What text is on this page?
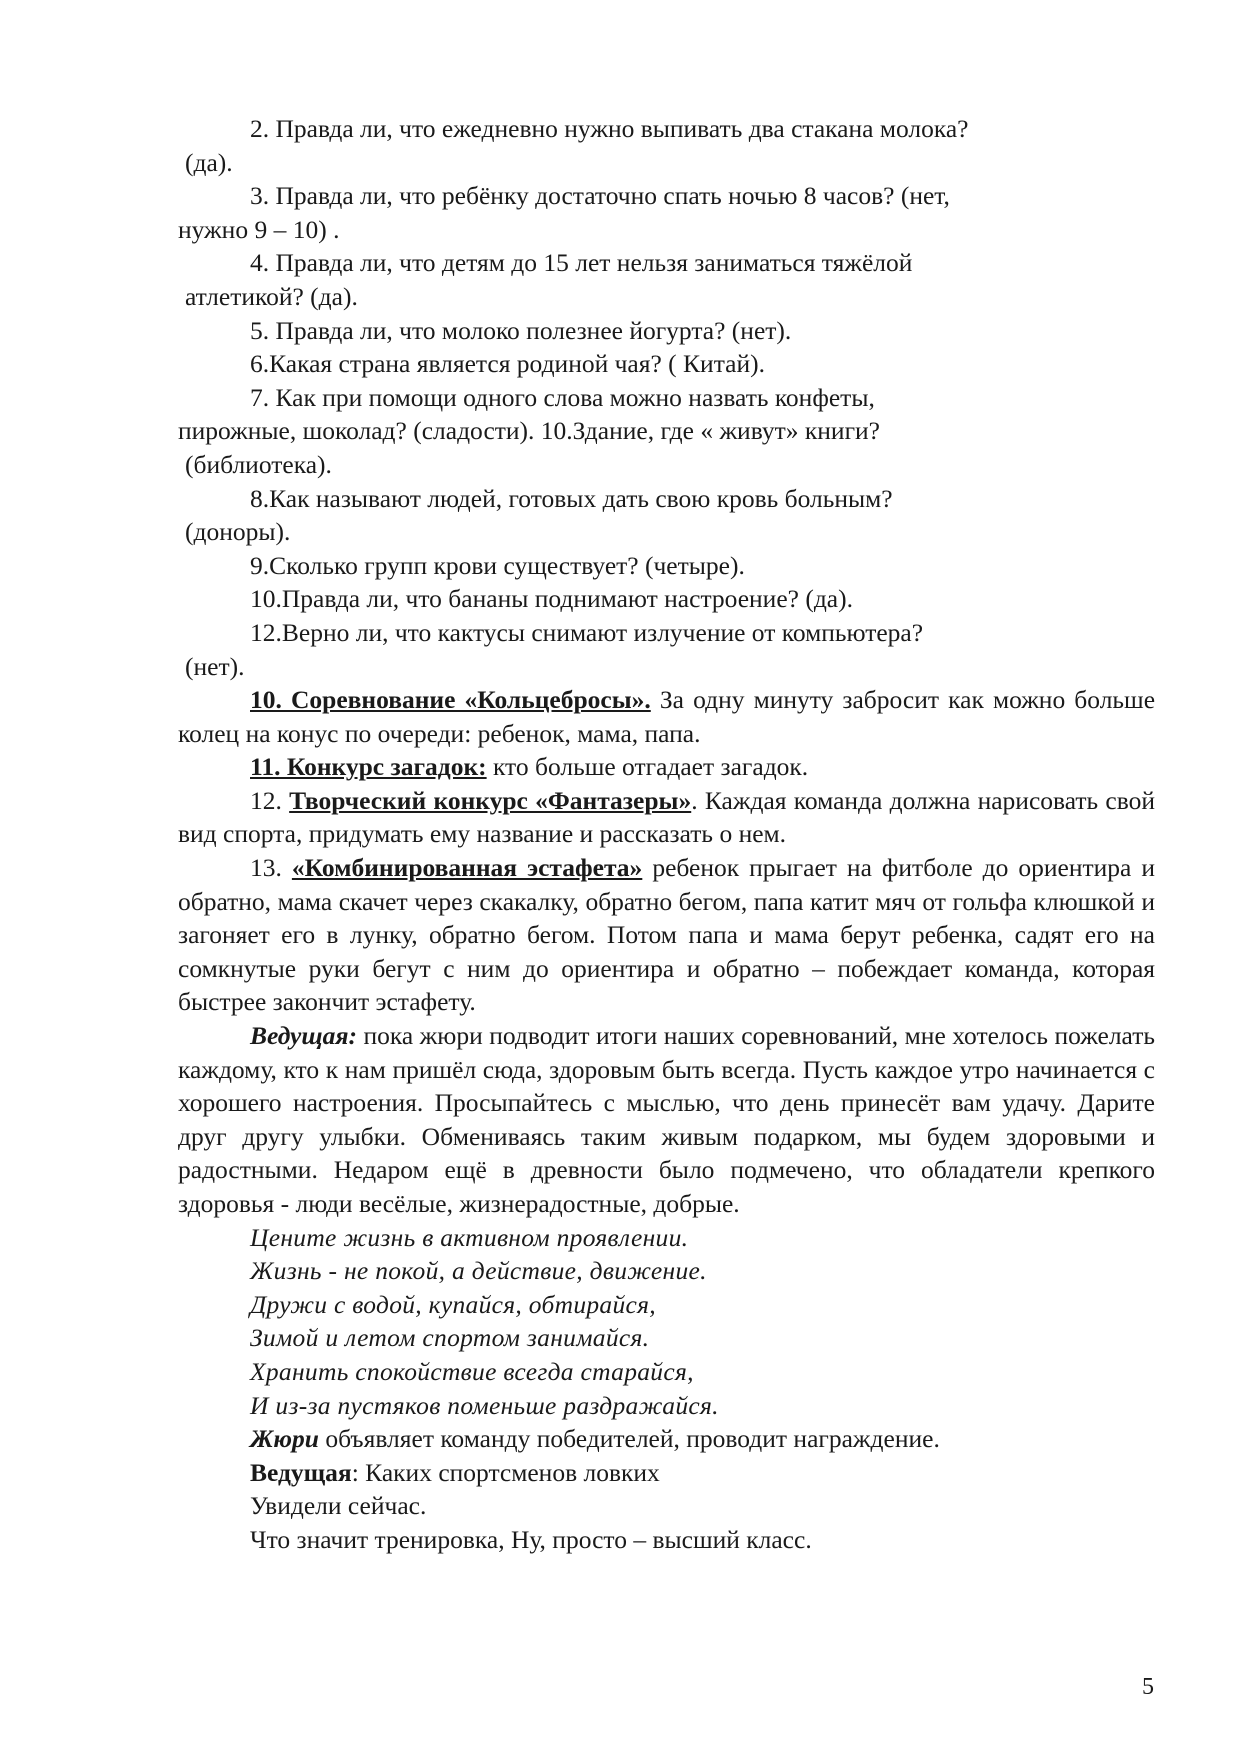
2. Правда ли, что ежедневно нужно выпивать два стакана молока?

(да).

3. Правда ли, что ребёнку достаточно спать ночью 8 часов? (нет,

нужно 9 – 10) .

4. Правда ли, что детям до 15 лет нельзя заниматься тяжёлой

атлетикой? (да).

5. Правда ли, что молоко полезнее йогурта? (нет).

6.Какая страна является родиной чая? ( Китай).

7. Как при помощи одного слова можно назвать конфеты,

пирожные, шоколад? (сладости). 10.Здание, где « живут» книги?

(библиотека).

8.Как называют людей, готовых дать свою кровь больным?

(доноры).

9.Сколько групп крови существует? (четыре).

10.Правда ли, что бананы поднимают настроение? (да).

12.Верно ли, что кактусы снимают излучение от компьютера?

(нет).

10. Соревнование «Кольцебросы». За одну минуту забросит как можно больше колец на конус по очереди: ребенок, мама, папа.

11. Конкурс загадок: кто больше отгадает загадок.

12. Творческий конкурс «Фантазеры». Каждая команда должна нарисовать свой вид спорта, придумать ему название и рассказать о нем.

13. «Комбинированная эстафета» ребенок прыгает на фитболе до ориентира и обратно, мама скачет через скакалку, обратно бегом, папа катит мяч от гольфа клюшкой и загоняет его в лунку, обратно бегом. Потом папа и мама берут ребенка, садят его на сомкнутые руки бегут с ним до ориентира и обратно – побеждает команда, которая быстрее закончит эстафету.

Ведущая: пока жюри подводит итоги наших соревнований, мне хотелось пожелать каждому, кто к нам пришёл сюда, здоровым быть всегда. Пусть каждое утро начинается с хорошего настроения. Просыпайтесь с мыслью, что день принесёт вам удачу. Дарите друг другу улыбки. Обмениваясь таким живым подарком, мы будем здоровыми и радостными. Недаром ещё в древности было подмечено, что обладатели крепкого здоровья - люди весёлые, жизнерадостные, добрые.

Цените жизнь в активном проявлении.

Жизнь - не покой, а действие, движение.

Дружи с водой, купайся, обтирайся,

Зимой и летом спортом занимайся.

Хранить спокойствие всегда старайся,

И из-за пустяков поменьше раздражайся.

Жюри объявляет команду победителей, проводит награждение.

Ведущая: Каких спортсменов ловких

Увидели сейчас.

Что значит тренировка, Ну, просто – высший класс.

5
